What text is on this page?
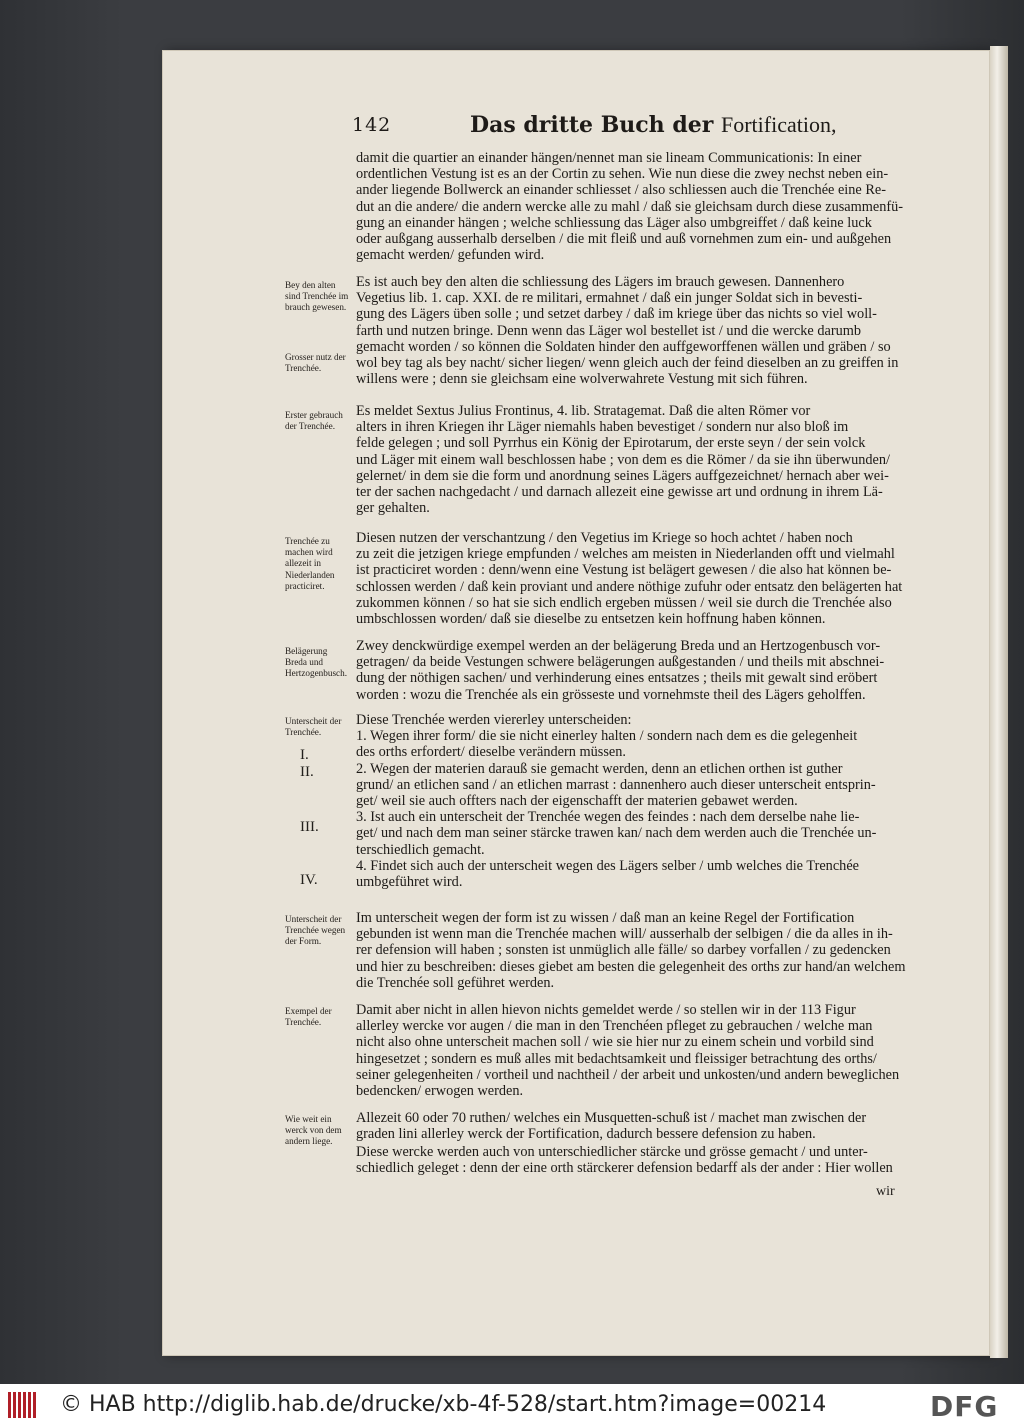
142	Das dritte Buch der Fortification,
damit die quartier an einander hängen/nennet man sie lineam Communicationis: In einer
ordentlichen Vestung ist es an der Cortin zu sehen. Wie nun diese die zwey nechst neben ein-
ander liegende Bollwerck an einander schliesset / also schliessen auch die Trenchée eine Re-
dut an die andere/ die andern wercke alle zu mahl / daß sie gleichsam durch diese zusammenfü-
gung an einander hängen ; welche schliessung das Läger also umbgreiffet / daß keine luck
oder außgang ausserhalb derselben / die mit fleiß und auß vornehmen zum ein- und außgehen
gemacht werden/ gefunden wird.
Es ist auch bey den alten die schliessung des Lägers im brauch gewesen. Dannenhero
Vegetius lib. 1. cap. XXI. de re militari, ermahnet / daß ein junger Soldat sich in bevesti-
gung des Lägers üben solle ; und setzet darbey / daß im kriege über das nichts so viel woll-
farth und nutzen bringe. Denn wenn das Läger wol bestellet ist / und die wercke darumb
gemacht worden / so können die Soldaten hinder den auffgeworffenen wällen und gräben / so
wol bey tag als bey nacht/ sicher liegen/ wenn gleich auch der feind dieselben an zu greiffen in
willens were ; denn sie gleichsam eine wolverwahrete Vestung mit sich führen.
Es meldet Sextus Julius Frontinus, 4. lib. Stratagemat. Daß die alten Römer vor
alters in ihren Kriegen ihr Läger niemahls haben bevestiget / sondern nur also bloß im
felde gelegen ; und soll Pyrrhus ein König der Epirotarum, der erste seyn / der sein volck
und Läger mit einem wall beschlossen habe ; von dem es die Römer / da sie ihn überwunden/
gelernet/ in dem sie die form und anordnung seines Lägers auffgezeichnet/ hernach aber wei-
ter der sachen nachgedacht / und darnach allezeit eine gewisse art und ordnung in ihrem Lä-
ger gehalten.
Diesen nutzen der verschantzung / den Vegetius im Kriege so hoch achtet / haben noch
zu zeit die jetzigen kriege empfunden / welches am meisten in Niederlanden offt und vielmahl
ist practiciret worden : denn/wenn eine Vestung ist belägert gewesen / die also hat können be-
schlossen werden / daß kein proviant und andere nöthige zufuhr oder entsatz den belägerten hat
zukommen können / so hat sie sich endlich ergeben müssen / weil sie durch die Trenchée also
umbschlossen worden/ daß sie dieselbe zu entsetzen kein hoffnung haben können.
Zwey denckwürdige exempel werden an der belägerung Breda und an Hertzogenbusch vor-
getragen/ da beide Vestungen schwere belägerungen außgestanden / und theils mit abschnei-
dung der nöthigen sachen/ und verhinderung eines entsatzes ; theils mit gewalt sind eröbert
worden : wozu die Trenchée als ein grösseste und vornehmste theil des Lägers geholffen.
Diese Trenchée werden viererley unterscheiden:
1. Wegen ihrer form/ die sie nicht einerley halten / sondern nach dem es die gelegenheit
des orths erfordert/ dieselbe verändern müssen.
2. Wegen der materien darauß sie gemacht werden, denn an etlichen orthen ist guther
grund/ an etlichen sand / an etlichen marrast : dannenhero auch dieser unterscheit entsprin-
get/ weil sie auch offters nach der eigenschafft der materien gebawet werden.
3. Ist auch ein unterscheit der Trenchée wegen des feindes : nach dem derselbe nahe lie-
get/ und nach dem man seiner stärcke trawen kan/ nach dem werden auch die Trenchée un-
terschiedlich gemacht.
4. Findet sich auch der unterscheit wegen des Lägers selber / umb welches die Trenchée
umbgeführet wird.
Im unterscheit wegen der form ist zu wissen / daß man an keine Regel der Fortification
gebunden ist wenn man die Trenchée machen will/ ausserhalb der selbigen / die da alles in ih-
rer defension will haben ; sonsten ist unmüglich alle fälle/ so darbey vorfallen / zu gedencken
und hier zu beschreiben: dieses giebet am besten die gelegenheit des orths zur hand/an welchem
die Trenchée soll geführet werden.
Damit aber nicht in allen hievon nichts gemeldet werde / so stellen wir in der 113 Figur
allerley wercke vor augen / die man in den Trenchéen pfleget zu gebrauchen / welche man
nicht also ohne unterscheit machen soll / wie sie hier nur zu einem schein und vorbild sind
hingesetzet ; sondern es muß alles mit bedachtsamkeit und fleissiger betrachtung des orths/
seiner gelegenheiten / vortheil und nachtheil / der arbeit und unkosten/und andern beweglichen
bedencken/ erwogen werden.
Allezeit 60 oder 70 ruthen/ welches ein Musquetten-schuß ist / machet man zwischen der
graden lini allerley werck der Fortification, dadurch bessere defension zu haben.
Diese wercke werden auch von unterschiedlicher stärcke und grösse gemacht / und unter-
schiedlich geleget : denn der eine orth stärckerer defension bedarff als der ander : Hier wollen
Bey den alten sind Trenchée im brauch gewesen.
Grosser nutz der Trenchée.
Erster gebrauch der Trenchée.
Trenchée zu machen wird allezeit in Niederlanden practiciret.
Belägerung Breda und Hertzogenbusch.
Unterscheit der Trenchée.
Unterscheit der Trenchée wegen der Form.
Exempel der Trenchée.
Wie weit ein werck von dem andern liege.
I.
II.
III.
IV.
wir
© HAB http://diglib.hab.de/drucke/xb-4f-528/start.htm?image=00214	DFG
